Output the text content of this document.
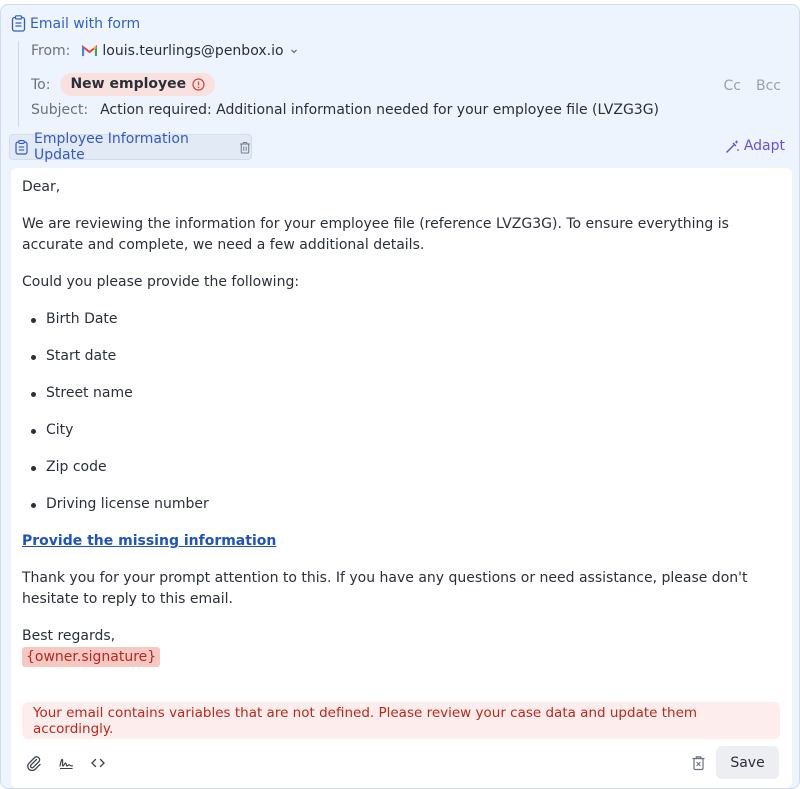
Email with form
From: louis.teurlings@penbox.io
To: New employee	Cc Bcc
Subject: Action required: Additional information needed for your employee file (LVZG3G)
Employee Information Update
Adapt

Dear,

We are reviewing the information for your employee file (reference LVZG3G). To ensure everything is accurate and complete, we need a few additional details.

Could you please provide the following:

Birth Date
Start date
Street name
City
Zip code
Driving license number

Provide the missing information

Thank you for your prompt attention to this. If you have any questions or need assistance, please don't hesitate to reply to this email.

Best regards,

{owner.signature}
Your email contains variables that are not defined. Please review your case data and update them accordingly.
Save
